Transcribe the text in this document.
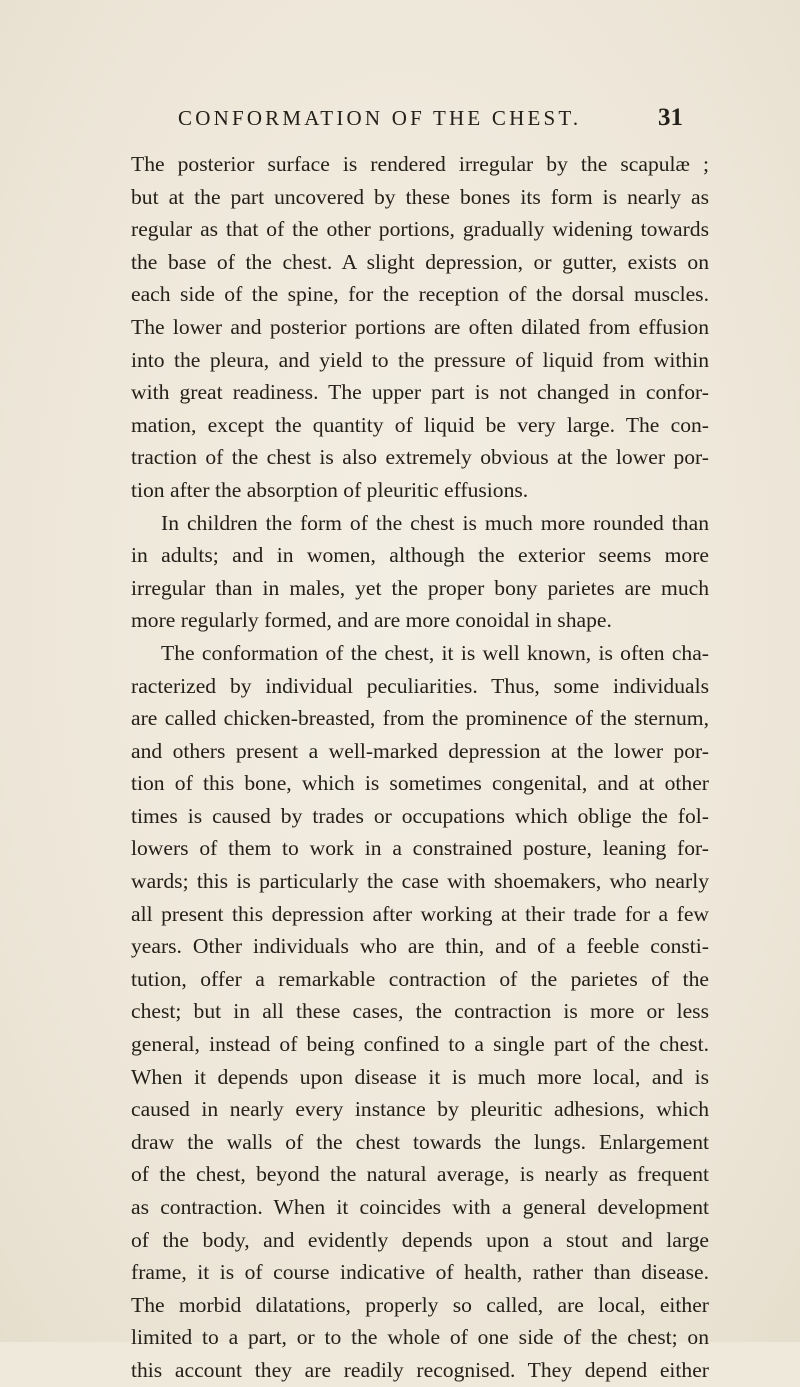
CONFORMATION OF THE CHEST.	31
The posterior surface is rendered irregular by the scapulæ ;
but at the part uncovered by these bones its form is nearly as
regular as that of the other portions, gradually widening towards
the base of the chest. A slight depression, or gutter, exists on
each side of the spine, for the reception of the dorsal muscles.
The lower and posterior portions are often dilated from effusion
into the pleura, and yield to the pressure of liquid from within
with great readiness. The upper part is not changed in confor-
mation, except the quantity of liquid be very large. The con-
traction of the chest is also extremely obvious at the lower por-
tion after the absorption of pleuritic effusions.
In children the form of the chest is much more rounded than
in adults; and in women, although the exterior seems more
irregular than in males, yet the proper bony parietes are much
more regularly formed, and are more conoidal in shape.
The conformation of the chest, it is well known, is often cha-
racterized by individual peculiarities. Thus, some individuals
are called chicken-breasted, from the prominence of the sternum,
and others present a well-marked depression at the lower por-
tion of this bone, which is sometimes congenital, and at other
times is caused by trades or occupations which oblige the fol-
lowers of them to work in a constrained posture, leaning for-
wards; this is particularly the case with shoemakers, who nearly
all present this depression after working at their trade for a few
years. Other individuals who are thin, and of a feeble consti-
tution, offer a remarkable contraction of the parietes of the
chest; but in all these cases, the contraction is more or less
general, instead of being confined to a single part of the chest.
When it depends upon disease it is much more local, and is
caused in nearly every instance by pleuritic adhesions, which
draw the walls of the chest towards the lungs. Enlargement
of the chest, beyond the natural average, is nearly as frequent
as contraction. When it coincides with a general development
of the body, and evidently depends upon a stout and large
frame, it is of course indicative of health, rather than disease.
The morbid dilatations, properly so called, are local, either
limited to a part, or to the whole of one side of the chest; on
this account they are readily recognised. They depend either
